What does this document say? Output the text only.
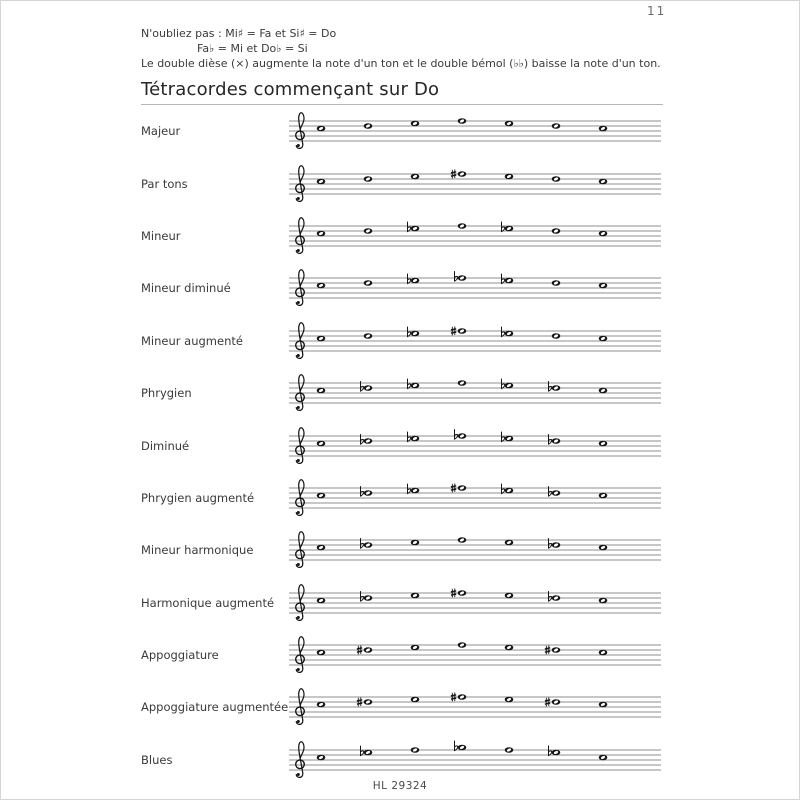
11
N'oubliez pas : Mi♯ = Fa et Si♯ = Do
Fa♭ = Mi et Do♭ = Si
Le double dièse (×) augmente la note d'un ton et le double bémol (♭♭) baisse la note d'un ton.
Tétracordes commençant sur Do
Majeur
Par tons
Mineur
Mineur diminué
Mineur augmenté
Phrygien
Diminué
Phrygien augmenté
Mineur harmonique
Harmonique augmenté
Appoggiature
Appoggiature augmentée
Blues
HL 29324
